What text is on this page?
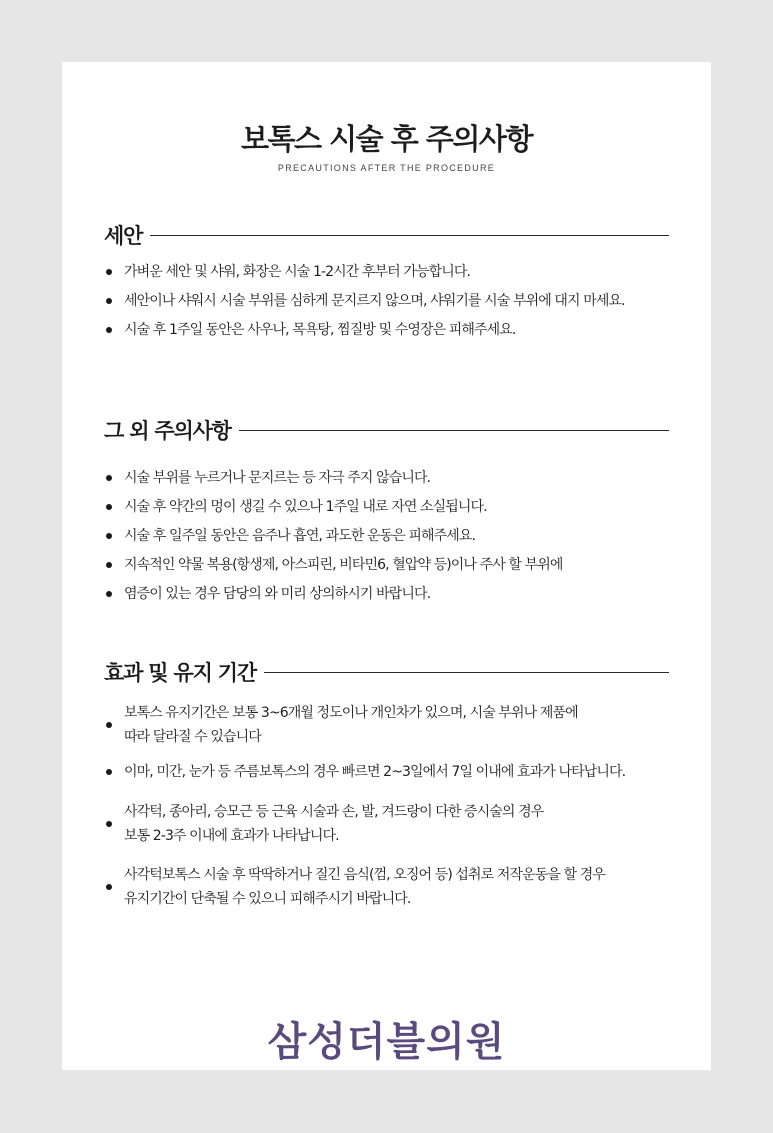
보톡스 시술 후 주의사항
PRECAUTIONS AFTER THE PROCEDURE
세안
가벼운 세안 및 샤워, 화장은 시술 1-2시간 후부터 가능합니다.
세안이나 샤워시 시술 부위를 심하게 문지르지 않으며, 샤워기를 시술 부위에 대지 마세요.
시술 후 1주일 동안은 사우나, 목욕탕, 찜질방 및 수영장은 피해주세요.
그 외 주의사항
시술 부위를 누르거나 문지르는 등 자극 주지 않습니다.
시술 후 약간의 멍이 생길 수 있으나 1주일 내로 자연 소실됩니다.
시술 후 일주일 동안은 음주나 흡연, 과도한 운동은 피해주세요.
지속적인 약물 복용(항생제, 아스피린, 비타민6, 혈압약 등)이나 주사 할 부위에
염증이 있는 경우 담당의 와 미리 상의하시기 바랍니다.
효과 및 유지 기간
보톡스 유지기간은 보통 3~6개월 정도이나 개인차가 있으며, 시술 부위나 제품에
따라 달라질 수 있습니다
이마, 미간, 눈가 등 주름보톡스의 경우 빠르면 2~3일에서 7일 이내에 효과가 나타납니다.
사각턱, 종아리, 승모근 등 근육 시술과 손, 발, 겨드랑이 다한 증시술의 경우
보통 2-3주 이내에 효과가 나타납니다.
사각턱보톡스 시술 후 딱딱하거나 질긴 음식(껌, 오징어 등) 섭취로 저작운동을 할 경우
유지기간이 단축될 수 있으니 피해주시기 바랍니다.
삼성더블의원
